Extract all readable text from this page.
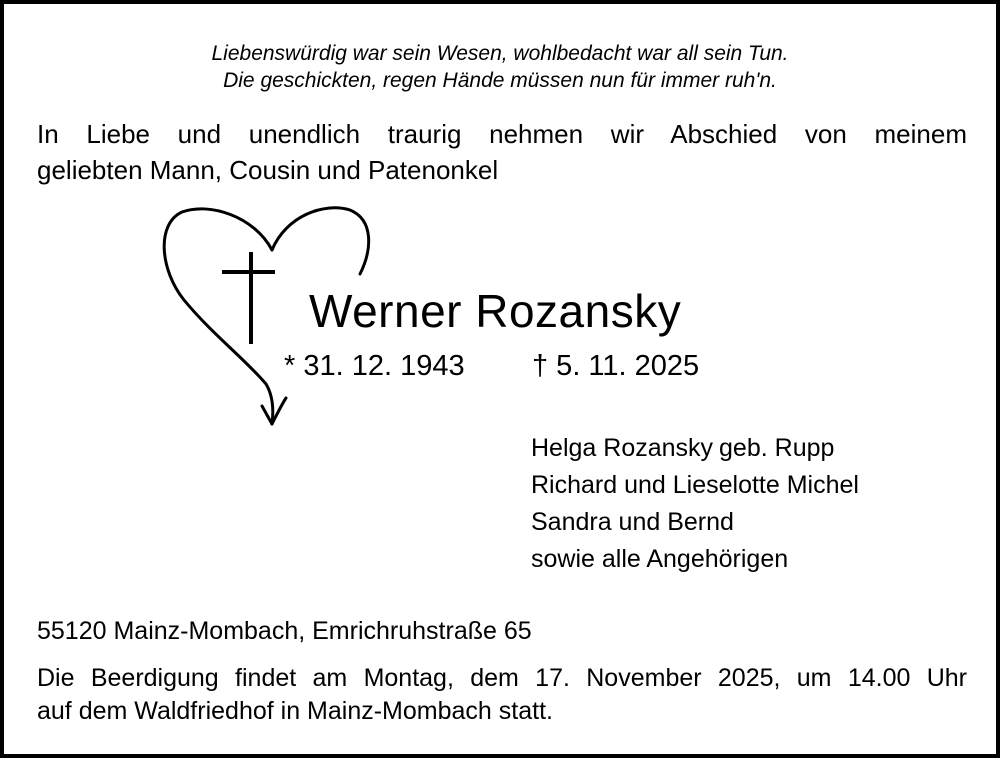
Liebenswürdig war sein Wesen, wohlbedacht war all sein Tun.
Die geschickten, regen Hände müssen nun für immer ruh'n.
In Liebe und unendlich traurig nehmen wir Abschied von meinem
geliebten Mann, Cousin und Patenonkel
Werner Rozansky
* 31. 12. 1943 † 5. 11. 2025
Helga Rozansky geb. Rupp
Richard und Lieselotte Michel
Sandra und Bernd
sowie alle Angehörigen
55120 Mainz-Mombach, Emrichruhstraße 65
Die Beerdigung findet am Montag, dem 17. November 2025, um 14.00 Uhr
auf dem Waldfriedhof in Mainz-Mombach statt.
